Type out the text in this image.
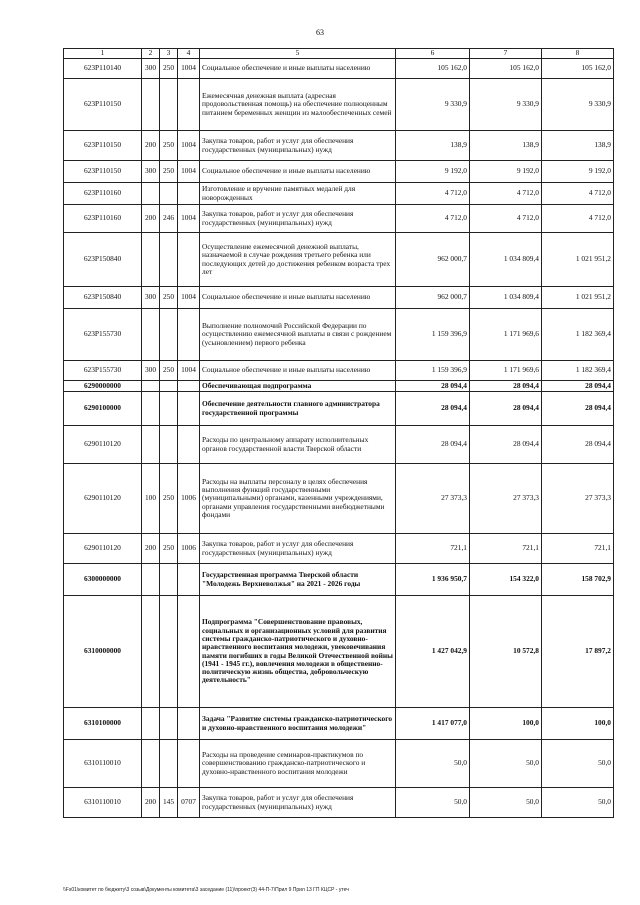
63
1	2	3	4	5	6	7	8
623P110140	300	250	1004	Социальное обеспечение и иные выплаты населению	105 162,0	105 162,0	105 162,0
623P110150				Ежемесячная денежная выплата (адресная продовольственная помощь) на обеспечение полноценным питанием беременных женщин из малообеспеченных семей	9 330,9	9 330,9	9 330,9
623P110150	200	250	1004	Закупка товаров, работ и услуг для обеспечения государственных (муниципальных) нужд	138,9	138,9	138,9
623P110150	300	250	1004	Социальное обеспечение и иные выплаты населению	9 192,0	9 192,0	9 192,0
623P110160				Изготовление и вручение памятных медалей для новорожденных	4 712,0	4 712,0	4 712,0
623P110160	200	246	1004	Закупка товаров, работ и услуг для обеспечения государственных (муниципальных) нужд	4 712,0	4 712,0	4 712,0
623P150840				Осуществление ежемесячной денежной выплаты, назначаемой в случае рождения третьего ребенка или последующих детей до достижения ребенком возраста трех лет	962 000,7	1 034 809,4	1 021 951,2
623P150840	300	250	1004	Социальное обеспечение и иные выплаты населению	962 000,7	1 034 809,4	1 021 951,2
623P155730				Выполнение полномочий Российской Федерации по осуществлению ежемесячной выплаты в связи с рождением (усыновлением) первого ребенка	1 159 396,9	1 171 969,6	1 182 369,4
623P155730	300	250	1004	Социальное обеспечение и иные выплаты населению	1 159 396,9	1 171 969,6	1 182 369,4
6290000000				Обеспечивающая подпрограмма	28 094,4	28 094,4	28 094,4
6290100000				Обеспечение деятельности главного администратора государственной программы	28 094,4	28 094,4	28 094,4
6290110120				Расходы по центральному аппарату исполнительных органов государственной власти Тверской области	28 094,4	28 094,4	28 094,4
6290110120	100	250	1006	Расходы на выплаты персоналу в целях обеспечения выполнения функций государственными (муниципальными) органами, казенными учреждениями, органами управления государственными внебюджетными фондами	27 373,3	27 373,3	27 373,3
6290110120	200	250	1006	Закупка товаров, работ и услуг для обеспечения государственных (муниципальных) нужд	721,1	721,1	721,1
6300000000				Государственная программа Тверской области "Молодежь Верхневолжья" на 2021 - 2026 годы	1 936 950,7	154 322,0	158 702,9
6310000000				Подпрограмма "Совершенствование правовых, социальных и организационных условий для развития системы гражданско-патриотического и духовно-нравственного воспитания молодежи, увековечивания памяти погибших в годы Великой Отечественной войны (1941 - 1945 гг.), вовлечения молодежи в общественно-политическую жизнь общества, добровольческую деятельность"	1 427 042,9	10 572,8	17 897,2
6310100000				Задача "Развитие системы гражданско-патриотического и духовно-нравственного воспитания молодежи"	1 417 077,0	100,0	100,0
6310110010				Расходы на проведение семинаров-практикумов по совершенствованию гражданско-патриотического и духовно-нравственного воспитания молодежи	50,0	50,0	50,0
6310110010	200	145	0707	Закупка товаров, работ и услуг для обеспечения государственных (муниципальных) нужд	50,0	50,0	50,0
\\Fs01\комитет по бюджету\3 созыв\Документы комитета\3 заседание (11)\проект(3) 44-П-7\Прил 9 Прил 13 ГП КЦСР - утеч
